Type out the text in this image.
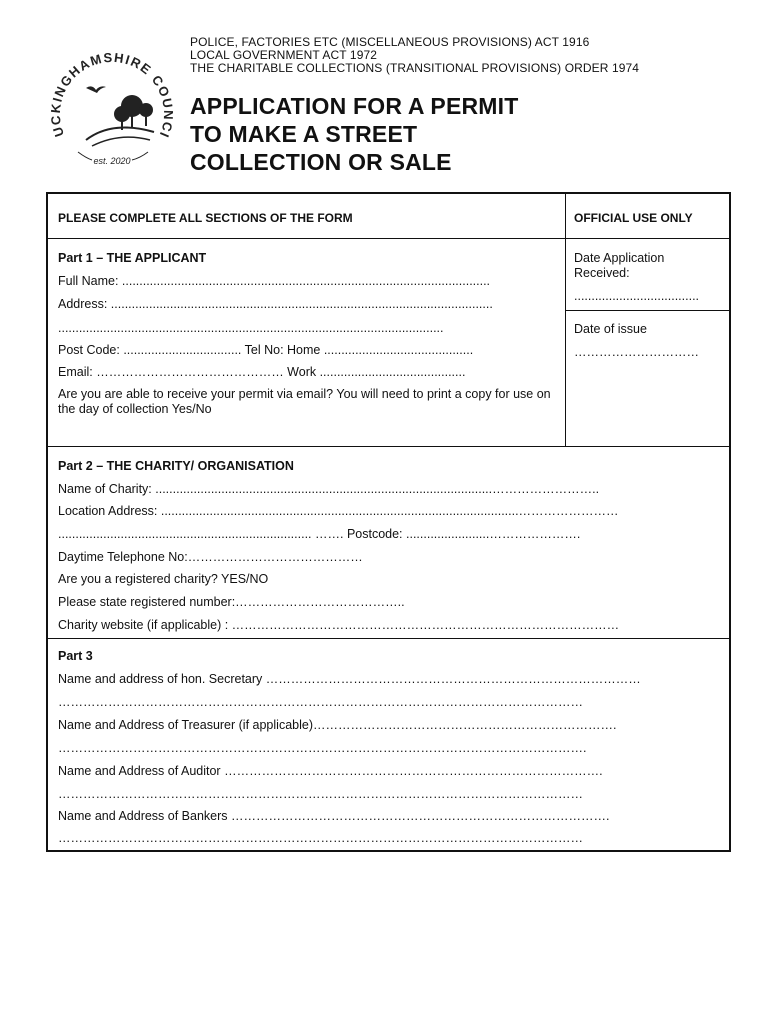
UCKINGHAMSHIRE COUNCI
est. 2020
POLICE, FACTORIES ETC (MISCELLANEOUS PROVISIONS) ACT 1916
LOCAL GOVERNMENT ACT 1972
THE CHARITABLE COLLECTIONS (TRANSITIONAL PROVISIONS) ORDER 1974
APPLICATION FOR A PERMIT
TO MAKE A STREET
COLLECTION OR SALE
PLEASE COMPLETE ALL SECTIONS OF THE FORM	OFFICIAL USE ONLY
Date Application Received:
....................................
Date of issue
…………………………
Part 1 – THE APPLICANT
Full Name: ..........................................................................................................
Address: ..............................................................................................................
...............................................................................................................
Post Code: .................................. Tel No: Home ...........................................
Email: ……………………………………… Work ..........................................
Are you are able to receive your permit via email? You will need to print a copy for use on the day of collection Yes/No
Part 2 – THE CHARITY/ ORGANISATION
Name of Charity: .................................................................................................……………………..
Location Address: .......................................................................................................……………………
......................................................................... ……. Postcode: ........................………………….
Daytime Telephone No:……………………………………
Are you a registered charity? YES/NO
Please state registered number:…………………………………..
Charity website (if applicable) : …………………………………………………………………………………
Part 3
Name and address of hon. Secretary ………………………………………………………………………………
………………………………………………………………………………………………………………
Name and Address of Treasurer (if applicable)……………………………………………………………….
……………………………………………………………………………………………………………….
Name and Address of Auditor ……………………………………………………………………………….
………………………………………………………………………………………………………………
Name and Address of Bankers ……………………………………………………………………………….
………………………………………………………………………………………………………………
